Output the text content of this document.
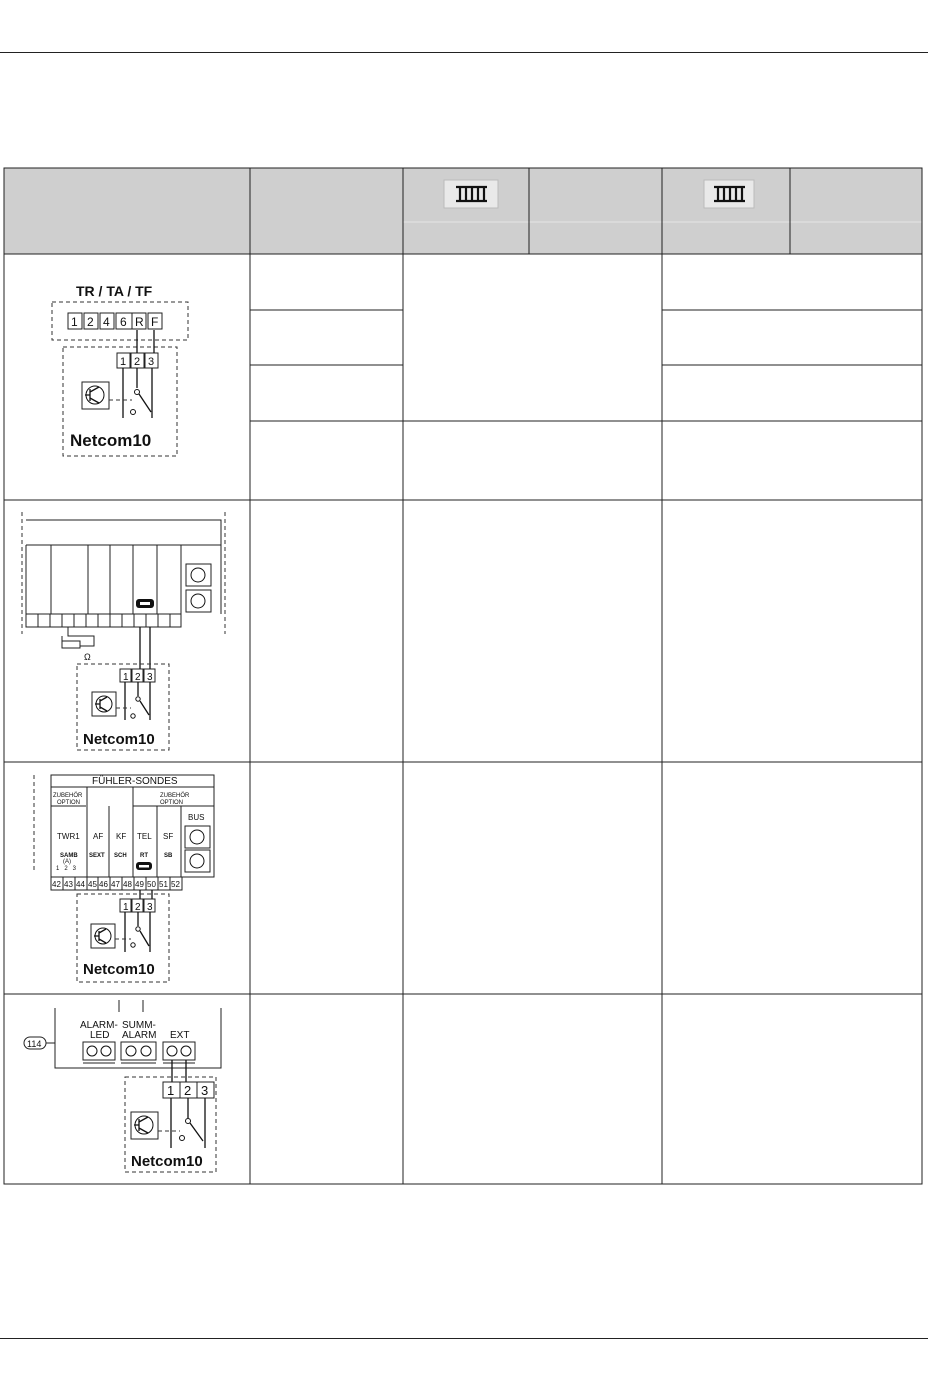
TR / TA / TF
1 2 4 6 R F
1 2 3
Netcom10
Ω
1 2 3
Netcom10
FÜHLER-SONDES
ZUBEHÖR
OPTION
ZUBEHÖR
OPTION
BUS
TWR1 AF KF TEL SF
SAMB SEXT SCH RT	SB
(A)
1   2   3
42 43 44 45 46 47 48 49 50 51 52
1 2 3
Netcom10
114
ALARM-
LED
SUMM-
ALARM EXT
1 2 3
Netcom10
